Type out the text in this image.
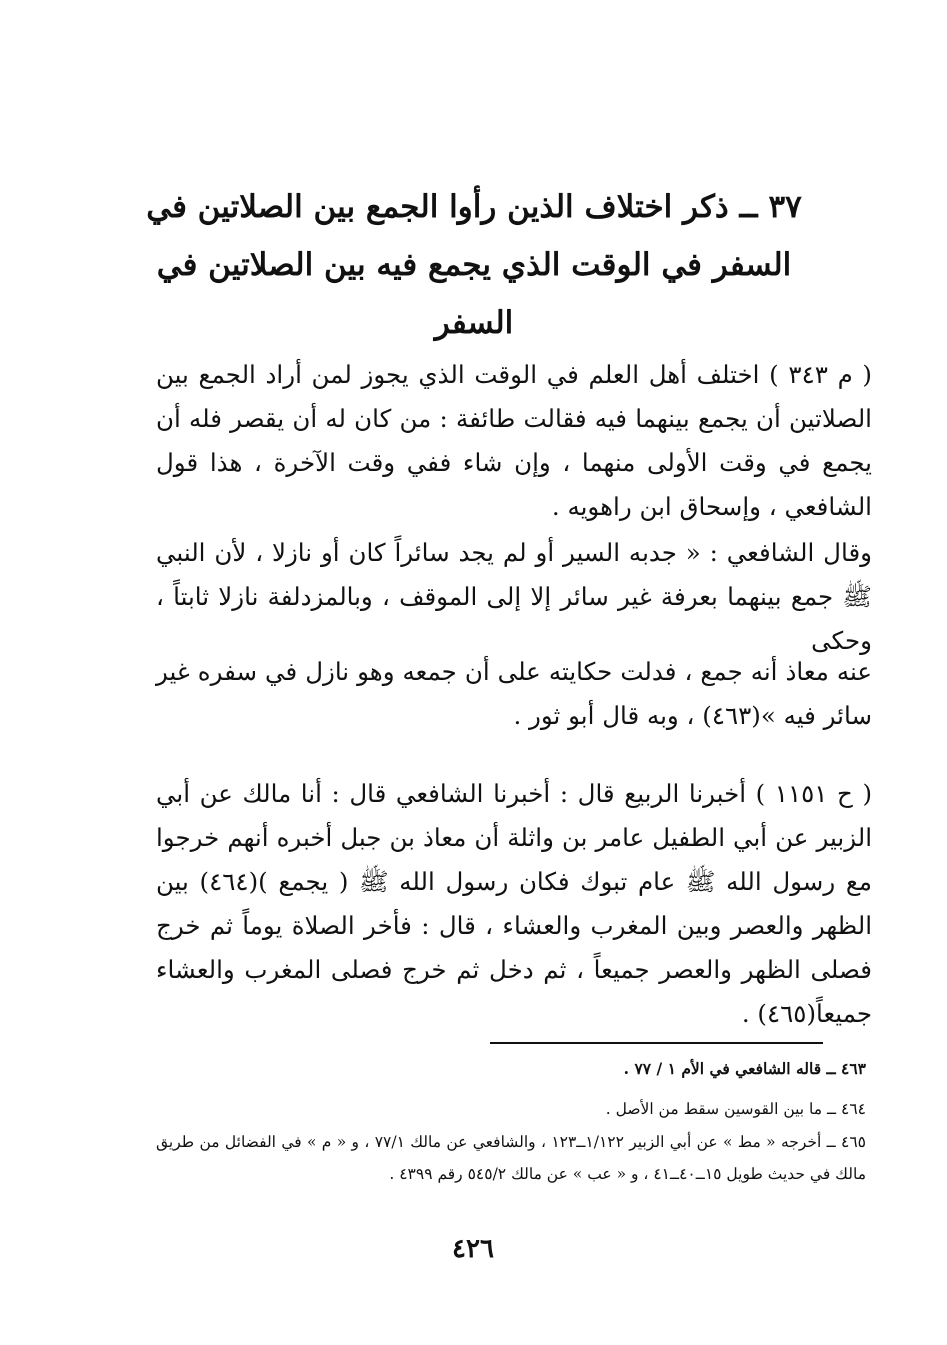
٣٧ ــ ذكر اختلاف الذين رأوا الجمع بين الصلاتين في السفر في الوقت الذي يجمع فيه بين الصلاتين في السفر

( م ٣٤٣ ) اختلف أهل العلم في الوقت الذي يجوز لمن أراد الجمع بين الصلاتين أن يجمع بينهما فيه فقالت طائفة : من كان له أن يقصر فله أن يجمع في وقت الأولى منهما ، وإن شاء ففي وقت الآخرة ، هذا قول الشافعي ، وإسحاق ابن راهويه .

وقال الشافعي : « جدبه السير أو لم يجد سائراً كان أو نازلا ، لأن النبي ﷺ جمع بينهما بعرفة غير سائر إلا إلى الموقف ، وبالمزدلفة نازلا ثابتاً ، وحكى

عنه معاذ أنه جمع ، فدلت حكايته على أن جمعه وهو نازل في سفره غير سائر فيه »(٤٦٣) ، وبه قال أبو ثور .

( ح ١١٥١ ) أخبرنا الربيع قال : أخبرنا الشافعي قال : أنا مالك عن أبي الزبير عن أبي الطفيل عامر بن واثلة أن معاذ بن جبل أخبره أنهم خرجوا مع رسول الله ﷺ عام تبوك فكان رسول الله ﷺ ( يجمع )(٤٦٤) بين الظهر والعصر وبين المغرب والعشاء ، قال : فأخر الصلاة يوماً ثم خرج فصلى الظهر والعصر جميعاً ، ثم دخل ثم خرج فصلى المغرب والعشاء جميعاً(٤٦٥) .

٤٦٣ ــ قاله الشافعي في الأم ١ / ٧٧ .
٤٦٤ ــ ما بين القوسين سقط من الأصل .
٤٦٥ ــ أخرجه « مط » عن أبي الزبير ١/١٢٢ــ١٢٣ ، والشافعي عن مالك ٧٧/١ ، و « م » في الفضائل من طريق مالك في حديث طويل ١٥ــ٤٠ــ٤١ ، و « عب » عن مالك ٥٤٥/٢ رقم ٤٣٩٩ .
٤٢٦
